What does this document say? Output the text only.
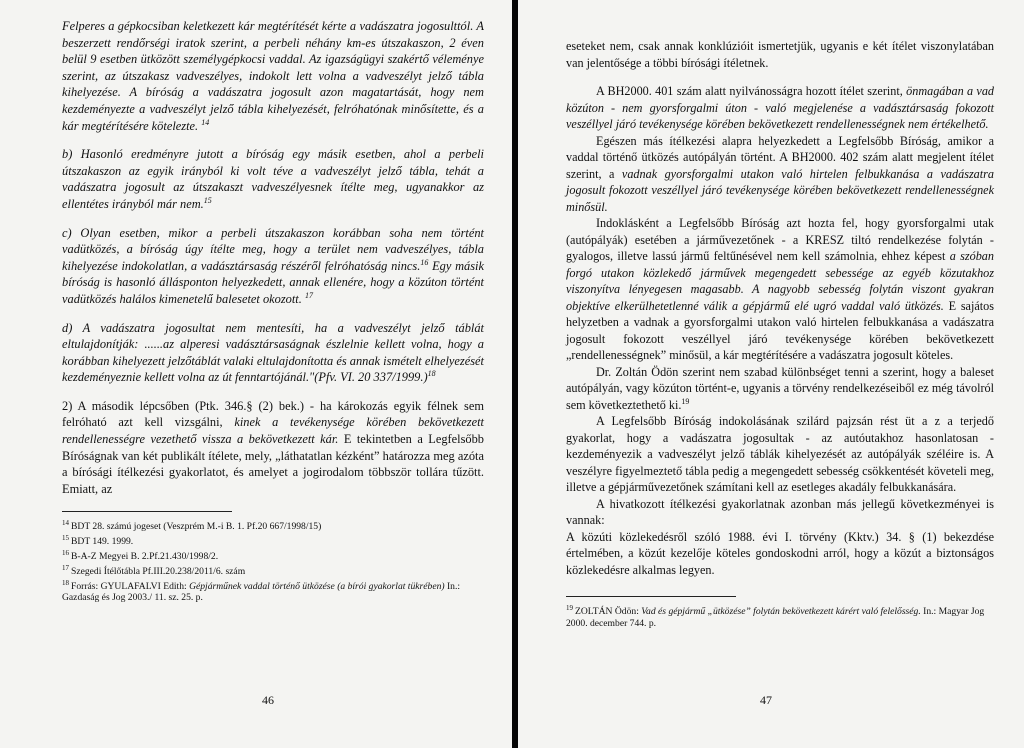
Felperes a gépkocsiban keletkezett kár megtérítését kérte a vadászatra jogosulttól. A beszerzett rendőrségi iratok szerint, a perbeli néhány km-es útszakaszon, 2 éven belül 9 esetben ütközött személygépkocsi vaddal. Az igazságügyi szakértő véleménye szerint, az útszakasz vadveszélyes, indokolt lett volna a vadveszélyt jelző tábla kihelyezése. A bíróság a vadászatra jogosult azon magatartását, hogy nem kezdeményezte a vadveszélyt jelző tábla kihelyezését, felróhatónak minősítette, és a kár megtérítésére kötelezte. $^{14}$

b) Hasonló eredményre jutott a bíróság egy másik esetben, ahol a perbeli útszakaszon az egyik irányból ki volt téve a vadveszélyt jelző tábla, tehát a vadászatra jogosult az útszakaszt vadveszélyesnek ítélte meg, ugyanakkor az ellentétes irányból már nem.$^{15}$

c) Olyan esetben, mikor a perbeli útszakaszon korábban soha nem történt vadütközés, a bíróság úgy ítélte meg, hogy a terület nem vadveszélyes, tábla kihelyezése indokolatlan, a vadásztársaság részéről felróhatóság nincs.$^{16}$ Egy másik bíróság is hasonló állásponton helyezkedett, annak ellenére, hogy a közúton történt vadütközés halálos kimenetelű balesetet okozott. $^{17}$

d) A vadászatra jogosultat nem mentesíti, ha a vadveszélyt jelző táblát eltulajdonítják: ......az alperesi vadásztársaságnak észlelnie kellett volna, hogy a korábban kihelyezett jelzőtáblát valaki eltulajdonította és annak ismételt elhelyezését kezdeményeznie kellett volna az út fenntartójánál."(Pfv. VI. 20 337/1999.)$^{18}$

2) A második lépcsőben (Ptk. 346.§ (2) bek.) - ha károkozás egyik félnek sem felróható azt kell vizsgálni, kinek a tevékenysége körében bekövetkezett rendellenességre vezethető vissza a bekövetkezett kár. E tekintetben a Legfelsőbb Bíróságnak van két publikált ítélete, mely, „láthatatlan kézként” határozza meg azóta a bírósági ítélkezési gyakorlatot, és amelyet a jogirodalom többször tollára tűzött. Emiatt, az

$^{14}$ BDT 28. számú jogeset (Veszprém M.-i B. 1. Pf.20 667/1998/15)

$^{15}$ BDT 149. 1999.

$^{16}$ B-A-Z Megyei B. 2.Pf.21.430/1998/2.

$^{17}$ Szegedi Ítélőtábla Pf.III.20.238/2011/6. szám

$^{18}$ Forrás: GYULAFALVI Edith: Gépjárműnek vaddal történő ütközése (a bírói gyakorlat tükrében) In.: Gazdaság és Jog 2003./ 11. sz. 25. p.

46

eseteket nem, csak annak konklúzióit ismertetjük, ugyanis e két ítélet viszonylatában van jelentősége a többi bírósági ítéletnek.

A BH2000. 401 szám alatt nyilvánosságra hozott ítélet szerint, önmagában a vad közúton - nem gyorsforgalmi úton - való megjelenése a vadásztársaság fokozott veszéllyel járó tevékenysége körében bekövetkezett rendellenességnek nem értékelhető.

Egészen más ítélkezési alapra helyezkedett a Legfelsőbb Bíróság, amikor a vaddal történő ütközés autópályán történt. A BH2000. 402 szám alatt megjelent ítélet szerint, a vadnak gyorsforgalmi utakon való hirtelen felbukkanása a vadászatra jogosult fokozott veszéllyel járó tevékenysége körében bekövetkezett rendellenességnek minősül.

Indoklásként a Legfelsőbb Bíróság azt hozta fel, hogy gyorsforgalmi utak (autópályák) esetében a járművezetőnek - a KRESZ tiltó rendelkezése folytán - gyalogos, illetve lassú jármű feltűnésével nem kell számolnia, ehhez képest a szóban forgó utakon közlekedő járművek megengedett sebessége az egyéb közutakhoz viszonyítva lényegesen magasabb. A nagyobb sebesség folytán viszont gyakran objektíve elkerülhetetlenné válik a gépjármű elé ugró vaddal való ütközés. E sajátos helyzetben a vadnak a gyorsforgalmi utakon való hirtelen felbukkanása a vadászatra jogosult fokozott veszéllyel járó tevékenysége körében bekövetkezett „rendellenességnek” minősül, a kár megtérítésére a vadászatra jogosult köteles.

Dr. Zoltán Ödön szerint nem szabad különbséget tenni a szerint, hogy a baleset autópályán, vagy közúton történt-e, ugyanis a törvény rendelkezéseiből ez még távolról sem következtethető ki.$^{19}$

A Legfelsőbb Bíróság indokolásának szilárd pajzsán rést üt a z a terjedő gyakorlat, hogy a vadászatra jogosultak - az autóutakhoz hasonlatosan - kezdeményezik a vadveszélyt jelző táblák kihelyezését az autópályák széléire is. A veszélyre figyelmeztető tábla pedig a megengedett sebesség csökkentését követeli meg, illetve a gépjárművezetőnek számítani kell az esetleges akadály felbukkanására.

A hivatkozott ítélkezési gyakorlatnak azonban más jellegű következményei is vannak:

A közúti közlekedésről szóló 1988. évi I. törvény (Kktv.) 34. § (1) bekezdése értelmében, a közút kezelője köteles gondoskodni arról, hogy a közút a biztonságos közlekedésre alkalmas legyen.

$^{19}$ ZOLTÁN Ödön: Vad és gépjármű „ütközése” folytán bekövetkezett kárért való felelősség. In.: Magyar Jog 2000. december 744. p.

47
